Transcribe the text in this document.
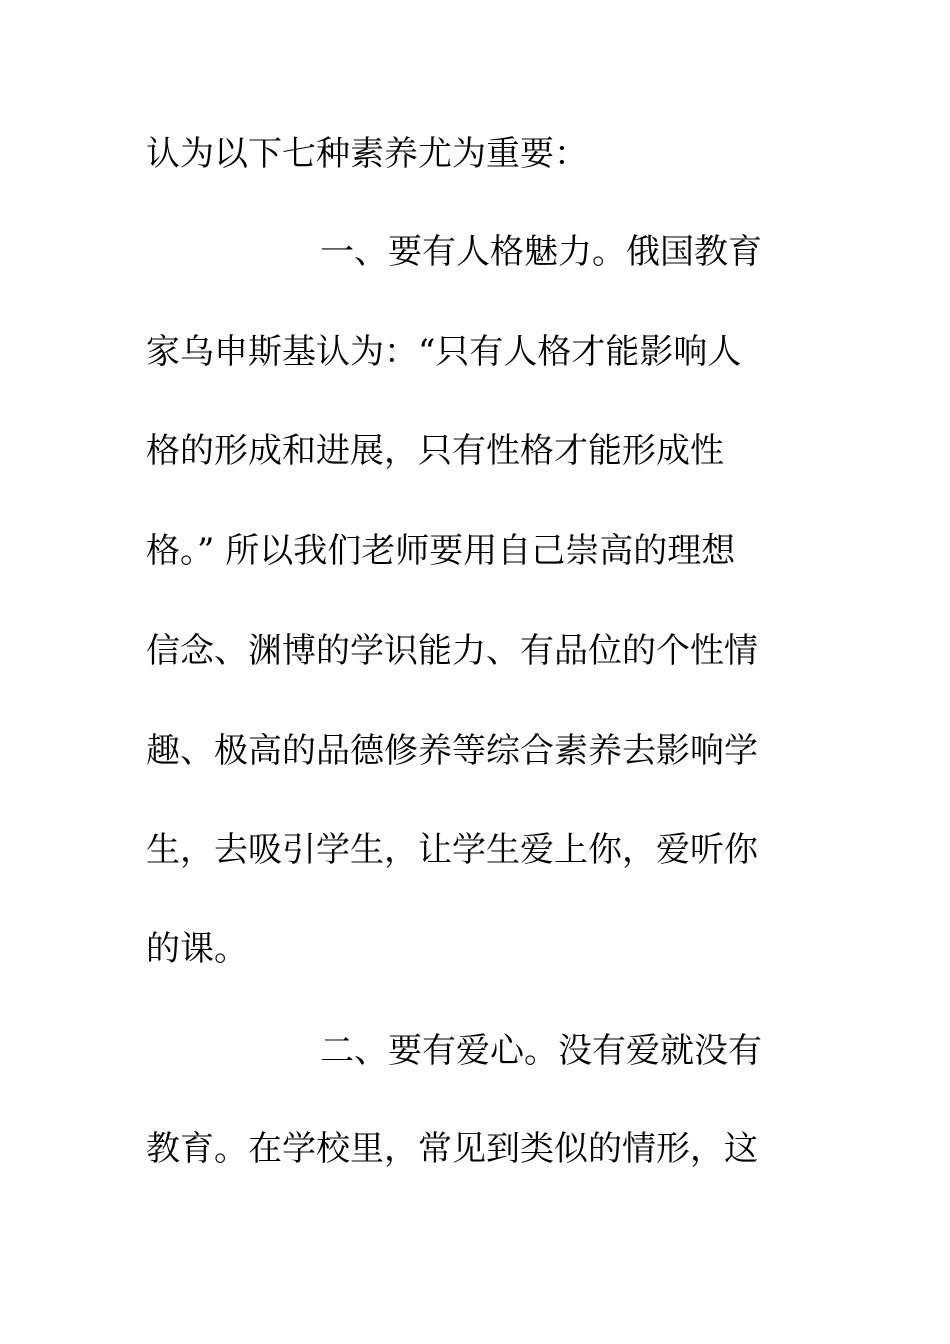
认为以下七种素养尤为重要：
一、要有人格魅力。俄国教育
家乌申斯基认为：“只有人格才能影响人
格的形成和进展，只有性格才能形成性
格。” 所以我们老师要用自己崇高的理想
信念、渊博的学识能力、有品位的个性情
趣、极高的品德修养等综合素养去影响学
生，去吸引学生，让学生爱上你，爱听你
的课。
二、要有爱心。没有爱就没有
教育。在学校里，常见到类似的情形，这
